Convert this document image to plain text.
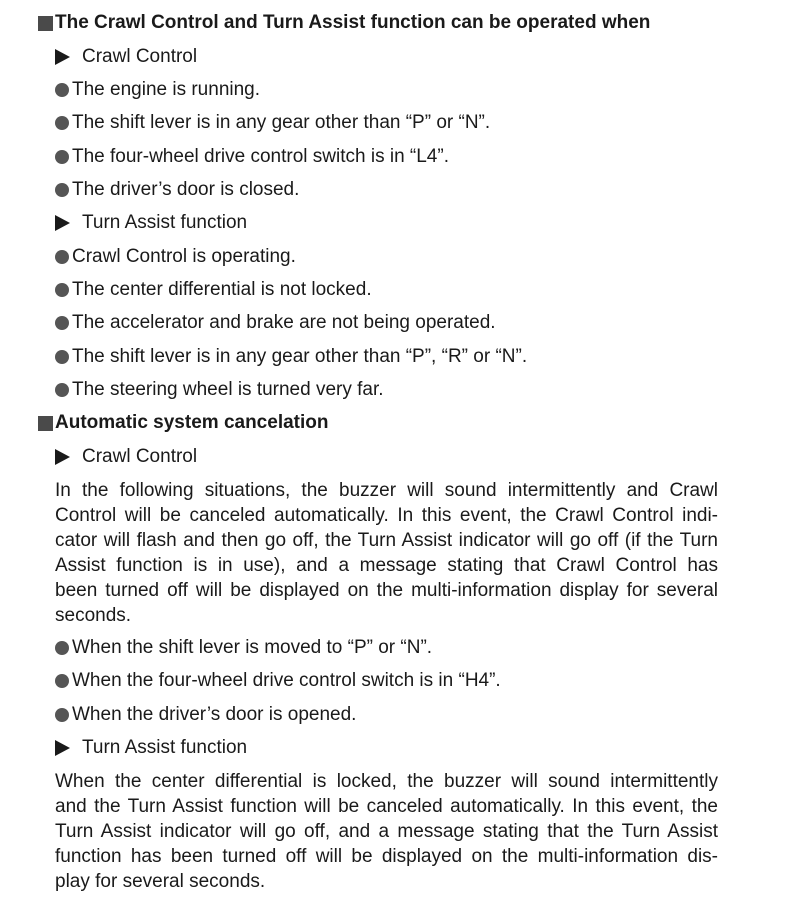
The Crawl Control and Turn Assist function can be operated when
Crawl Control
The engine is running.
The shift lever is in any gear other than “P” or “N”.
The four-wheel drive control switch is in “L4”.
The driver’s door is closed.
Turn Assist function
Crawl Control is operating.
The center differential is not locked.
The accelerator and brake are not being operated.
The shift lever is in any gear other than “P”, “R” or “N”.
The steering wheel is turned very far.
Automatic system cancelation
Crawl Control
In the following situations, the buzzer will sound intermittently and Crawl
Control will be canceled automatically. In this event, the Crawl Control indi-
cator will flash and then go off, the Turn Assist indicator will go off (if the Turn
Assist function is in use), and a message stating that Crawl Control has
been turned off will be displayed on the multi-information display for several
seconds.
When the shift lever is moved to “P” or “N”.
When the four-wheel drive control switch is in “H4”.
When the driver’s door is opened.
Turn Assist function
When the center differential is locked, the buzzer will sound intermittently
and the Turn Assist function will be canceled automatically. In this event, the
Turn Assist indicator will go off, and a message stating that the Turn Assist
function has been turned off will be displayed on the multi-information dis-
play for several seconds.
